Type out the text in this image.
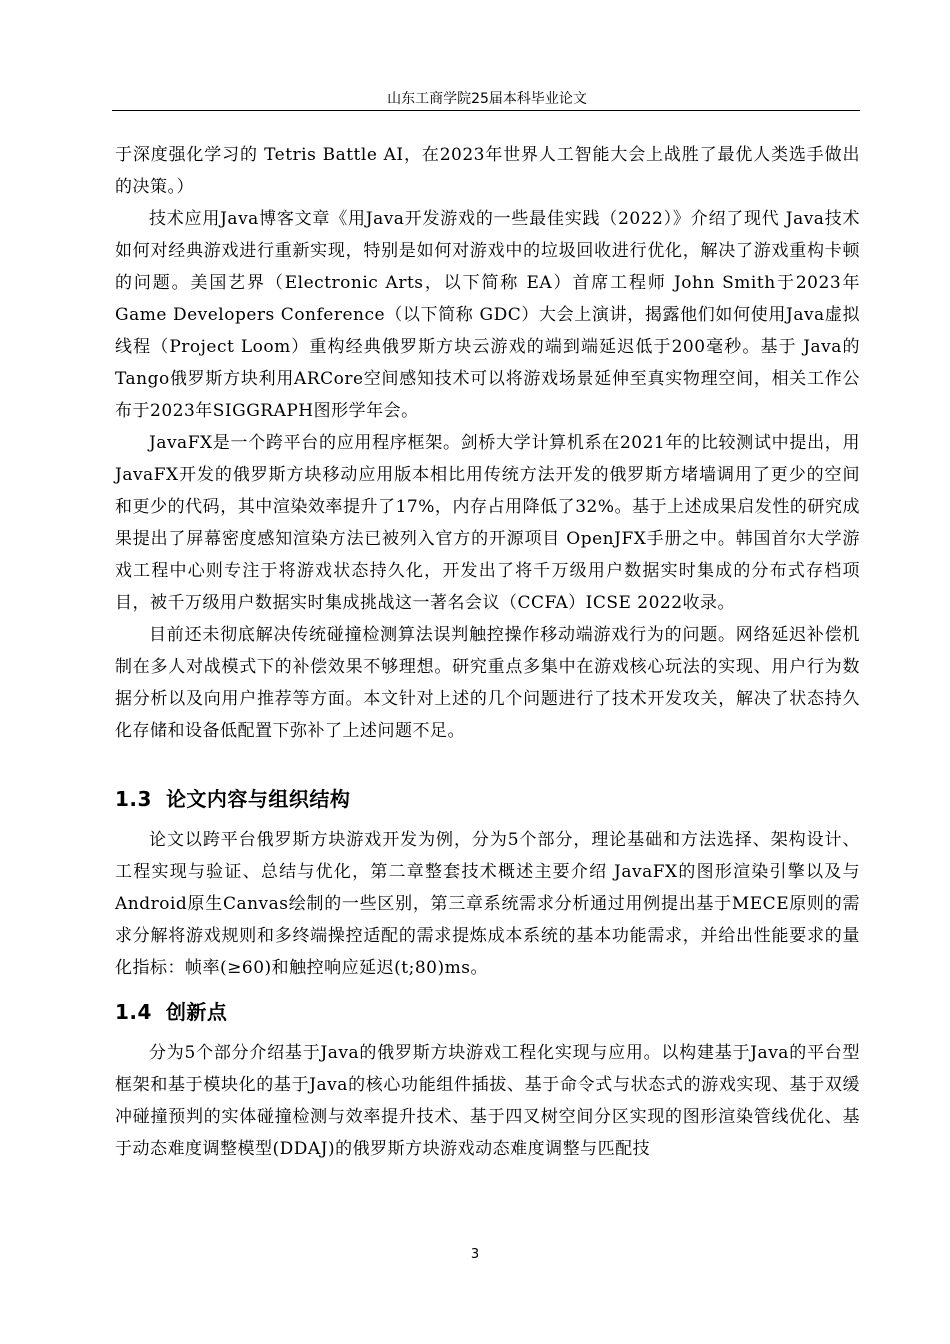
山东工商学院25届本科毕业论文

于深度强化学习的 Tetris Battle AI，在2023年世界人工智能大会上战胜了最优人类选手做出的决策。）

技术应用Java博客文章《用Java开发游戏的一些最佳实践（2022）》介绍了现代 Java技术如何对经典游戏进行重新实现，特别是如何对游戏中的垃圾回收进行优化，解决了游戏重构卡顿的问题。美国艺界（Electronic Arts，以下简称 EA）首席工程师 John Smith于2023年Game Developers Conference（以下简称 GDC）大会上演讲，揭露他们如何使用Java虚拟线程（Project Loom）重构经典俄罗斯方块云游戏的端到端延迟低于200毫秒。基于 Java的Tango俄罗斯方块利用ARCore空间感知技术可以将游戏场景延伸至真实物理空间，相关工作公布于2023年SIGGRAPH图形学年会。

JavaFX是一个跨平台的应用程序框架。剑桥大学计算机系在2021年的比较测试中提出，用 JavaFX开发的俄罗斯方块移动应用版本相比用传统方法开发的俄罗斯方堵墙调用了更少的空间和更少的代码，其中渲染效率提升了17%，内存占用降低了32%。基于上述成果启发性的研究成果提出了屏幕密度感知渲染方法已被列入官方的开源项目 OpenJFX手册之中。韩国首尔大学游戏工程中心则专注于将游戏状态持久化，开发出了将千万级用户数据实时集成的分布式存档项目，被千万级用户数据实时集成挑战这一著名会议（CCFA）ICSE 2022收录。

目前还未彻底解决传统碰撞检测算法误判触控操作移动端游戏行为的问题。网络延迟补偿机制在多人对战模式下的补偿效果不够理想。研究重点多集中在游戏核心玩法的实现、用户行为数据分析以及向用户推荐等方面。本文针对上述的几个问题进行了技术开发攻关，解决了状态持久化存储和设备低配置下弥补了上述问题不足。

1.3 论文内容与组织结构

论文以跨平台俄罗斯方块游戏开发为例，分为5个部分，理论基础和方法选择、架构设计、工程实现与验证、总结与优化，第二章整套技术概述主要介绍 JavaFX的图形渲染引擎以及与Android原生Canvas绘制的一些区别，第三章系统需求分析通过用例提出基于MECE原则的需求分解将游戏规则和多终端操控适配的需求提炼成本系统的基本功能需求，并给出性能要求的量化指标：帧率(≥60)和触控响应延迟(t;80)ms。

1.4 创新点

分为5个部分介绍基于Java的俄罗斯方块游戏工程化实现与应用。以构建基于Java的平台型框架和基于模块化的基于Java的核心功能组件插拔、基于命令式与状态式的游戏实现、基于双缓冲碰撞预判的实体碰撞检测与效率提升技术、基于四叉树空间分区实现的图形渲染管线优化、基于动态难度调整模型(DDAJ)的俄罗斯方块游戏动态难度调整与匹配技

3
